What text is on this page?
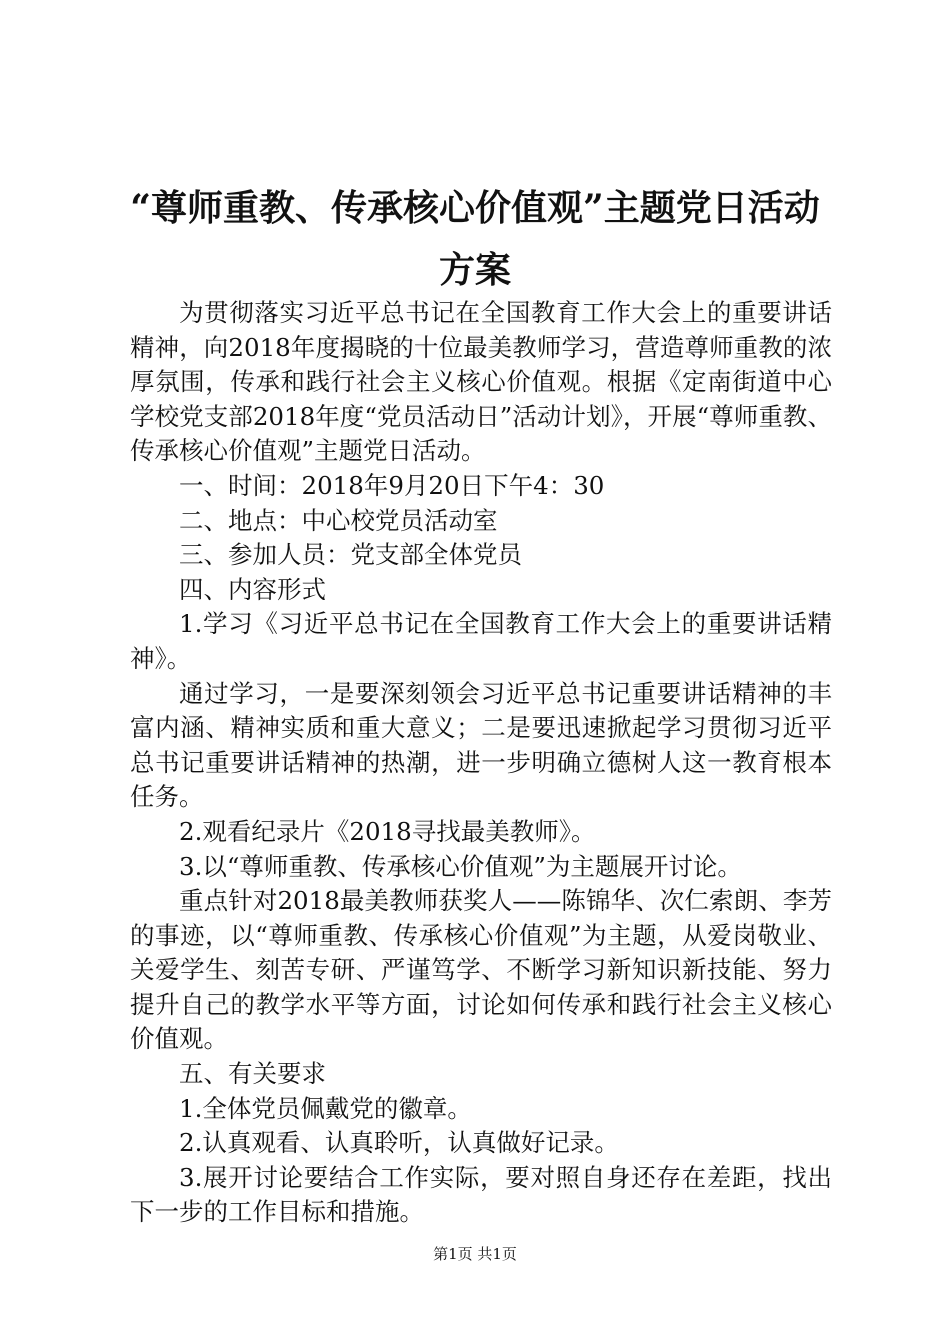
“尊师重教、传承核心价值观”主题党日活动
方案

为贯彻落实习近平总书记在全国教育工作大会上的重要讲话精神，向2018年度揭晓的十位最美教师学习，营造尊师重教的浓厚氛围，传承和践行社会主义核心价值观。根据《定南街道中心学校党支部2018年度“党员活动日”活动计划》，开展“尊师重教、传承核心价值观”主题党日活动。

一、时间：2018年9月20日下午4：30

二、地点：中心校党员活动室

三、参加人员：党支部全体党员

四、内容形式

1.学习《习近平总书记在全国教育工作大会上的重要讲话精神》。

通过学习，一是要深刻领会习近平总书记重要讲话精神的丰富内涵、精神实质和重大意义；二是要迅速掀起学习贯彻习近平总书记重要讲话精神的热潮，进一步明确立德树人这一教育根本任务。

2.观看纪录片《2018寻找最美教师》。

3.以“尊师重教、传承核心价值观”为主题展开讨论。

重点针对2018最美教师获奖人——陈锦华、次仁索朗、李芳的事迹，以“尊师重教、传承核心价值观”为主题，从爱岗敬业、关爱学生、刻苦专研、严谨笃学、不断学习新知识新技能、努力提升自己的教学水平等方面，讨论如何传承和践行社会主义核心价值观。

五、有关要求

1.全体党员佩戴党的徽章。

2.认真观看、认真聆听，认真做好记录。

3.展开讨论要结合工作实际，要对照自身还存在差距，找出下一步的工作目标和措施。

第1页 共1页
